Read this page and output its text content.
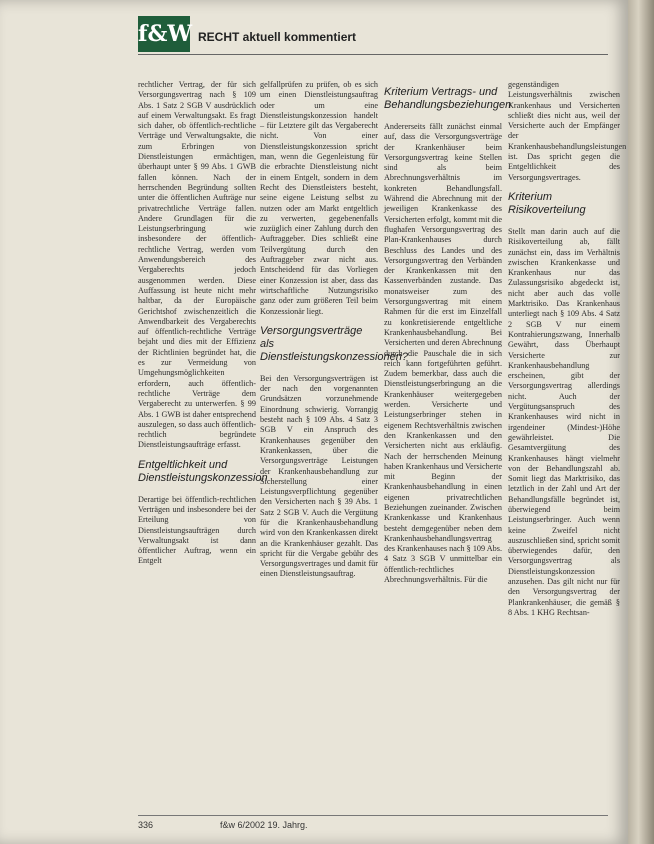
f&W RECHT aktuell kommentiert

rechtlicher Vertrag, der für sich Versorgungsvertrag nach § 109 Abs. 1 Satz 2 SGB V ausdrücklich auf einem Verwaltungsakt. Es fragt sich daher, ob öffentlich-rechtliche Verträge und Verwaltungsakte, die zum Erbringen von Dienstleistungen ermächtigen, überhaupt unter § 99 Abs. 1 GWB fallen können. Nach der herrschenden Begründung sollten unter die öffentlichen Aufträge nur privatrechtliche Verträge fallen. Andere Grundlagen für die Leistungserbringung wie insbesondere der öffentlich-rechtliche Vertrag, werden vom Anwendungsbereich des Vergaberechts jedoch ausgenommen werden. Diese Auffassung ist heute nicht mehr haltbar, da der Europäische Gerichtshof zwischenzeitlich die Anwendbarkeit des Vergaberechts auf öffentlich-rechtliche Verträge bejaht und dies mit der Effizienz der Richtlinien begründet hat, die es zur Vermeidung von Umgehungsmöglichkeiten erfordern, auch öffentlich-rechtliche Verträge dem Vergaberecht zu unterwerfen. § 99 Abs. 1 GWB ist daher entsprechend auszulegen, so dass auch öffentlich-rechtlich begründete Dienstleistungsaufträge erfasst.

Entgeltlichkeit und Dienstleistungskonzession

Derartige bei öffentlich-rechtlichen Verträgen und insbesondere bei der Erteilung von Dienstleistungsaufträgen durch Verwaltungsakt ist dann öffentlicher Auftrag, wenn ein Entgelt

gelfallprüfen zu prüfen, ob es sich um einen Dienstleistungsauftrag oder um eine Dienstleistungskonzession handelt – für Letztere gilt das Vergaberecht nicht. Von einer Dienstleistungskonzession spricht man, wenn die Gegenleistung für die erbrachte Dienstleistung nicht in einem Entgelt, sondern in dem Recht des Dienstleisters besteht, seine eigene Leistung selbst zu nutzen oder am Markt entgeltlich zu verwerten, gegebenenfalls zuzüglich einer Zahlung durch den Auftraggeber. Dies schließt eine Teilvergütung durch den Auftraggeber zwar nicht aus. Entscheidend für das Vorliegen einer Konzession ist aber, dass das wirtschaftliche Nutzungsrisiko ganz oder zum größeren Teil beim Konzessionär liegt.

Versorgungsverträge als Dienstleistungskonzessionen?

Bei den Versorgungsverträgen ist der nach den vorgenannten Grundsätzen vorzunehmende Einordnung schwierig. Vorrangig besteht nach § 109 Abs. 4 Satz 3 SGB V ein Anspruch des Krankenhauses gegenüber den Krankenkassen, über die Versorgungsverträge Leistungen der Krankenhausbehandlung zur Sicherstellung einer Leistungsverpflichtung gegenüber den Versicherten nach § 39 Abs. 1 Satz 2 SGB V. Auch die Vergütung für die Krankenhausbehandlung wird von den Krankenkassen direkt an die Krankenhäuser gezahlt. Das spricht für die Vergabe gebühr des Versorgungsvertrages und damit für einen Dienstleistungsauftrag.

Kriterium Vertrags- und Behandlungsbeziehungen

Andererseits fällt zunächst einmal auf, dass die Versorgungsverträge der Krankenhäuser beim Versorgungsvertrag keine Stellen sind als beim Abrechnungsverhältnis im konkreten Behandlungsfall. Während die Abrechnung mit der jeweiligen Krankenkasse des Versicherten erfolgt, kommt mit die flughafen Versorgungsvertrag des Plan-Krankenhauses durch Beschluss des Landes und des Versorgungsvertrag den Verbänden der Krankenkassen mit den Kassenverbänden zustande. Das monatsweiser zum des Versorgungsvertrag mit einem Rahmen für die erst im Einzelfall zu konkretisierende entgeltliche Krankenhausbehandlung. Bei Versicherten und deren Abrechnung durch die Pauschale die in sich reich kann fortgeführten geführt. Zudem bemerkbar, dass auch die Dienstleistungserbringung an die Krankenhäuser weitergegeben werden. Versicherte und Leistungserbringer stehen in eigenem Rechtsverhältnis zwischen den Krankenkassen und den Versicherten nicht aus erkläufig. Nach der herrschenden Meinung haben Krankenhaus und Versicherte mit Beginn der Krankenhausbehandlung in einen eigenen privatrechtlichen Beziehungen zueinander. Zwischen Krankenkasse und Krankenhaus besteht demgegenüber neben dem Krankenhausbehandlungsvertrag des Krankenhauses nach § 109 Abs. 4 Satz 3 SGB V unmittelbar ein öffentlich-rechtliches Abrechnungsverhältnis. Für die

gegenständigen Leistungsverhältnis zwischen Krankenhaus und Versicherten schließt dies nicht aus, weil der Versicherte auch der Empfänger der Krankenhausbehandlungsleistungen ist. Das spricht gegen die Entgeltlichkeit des Versorgungsvertrages.

Kriterium Risikoverteilung

Stellt man darin auch auf die Risikoverteilung ab, fällt zunächst ein, dass im Verhältnis zwischen Krankenkasse und Krankenhaus nur das Zulassungsrisiko abgedeckt ist, nicht aber auch das volle Marktrisiko. Das Krankenhaus unterliegt nach § 109 Abs. 4 Satz 2 SGB V nur einem Kontrahierungszwang, Innerhalb Gewährt, dass Überhaupt Versicherte zur Krankenhausbehandlung erscheinen, gibt der Versorgungsvertrag allerdings nicht. Auch der Vergütungsanspruch des Krankenhauses wird nicht in irgendeiner (Mindest-)Höhe gewährleistet. Die Gesamtvergütung des Krankenhauses hängt vielmehr von der Behandlungszahl ab. Somit liegt das Marktrisiko, das letztlich in der Zahl und Art der Behandlungsfälle begründet ist, überwiegend beim Leistungserbringer. Auch wenn keine Zweifel nicht auszuschließen sind, spricht somit überwiegendes dafür, den Versorgungsvertrag als Dienstleistungskonzession anzusehen. Das gilt nicht nur für den Versorgungsvertrag der Plankrankenhäuser, die gemäß § 8 Abs. 1 KHG Rechtsan-

336	f&w 6/2002 19. Jahrg.
